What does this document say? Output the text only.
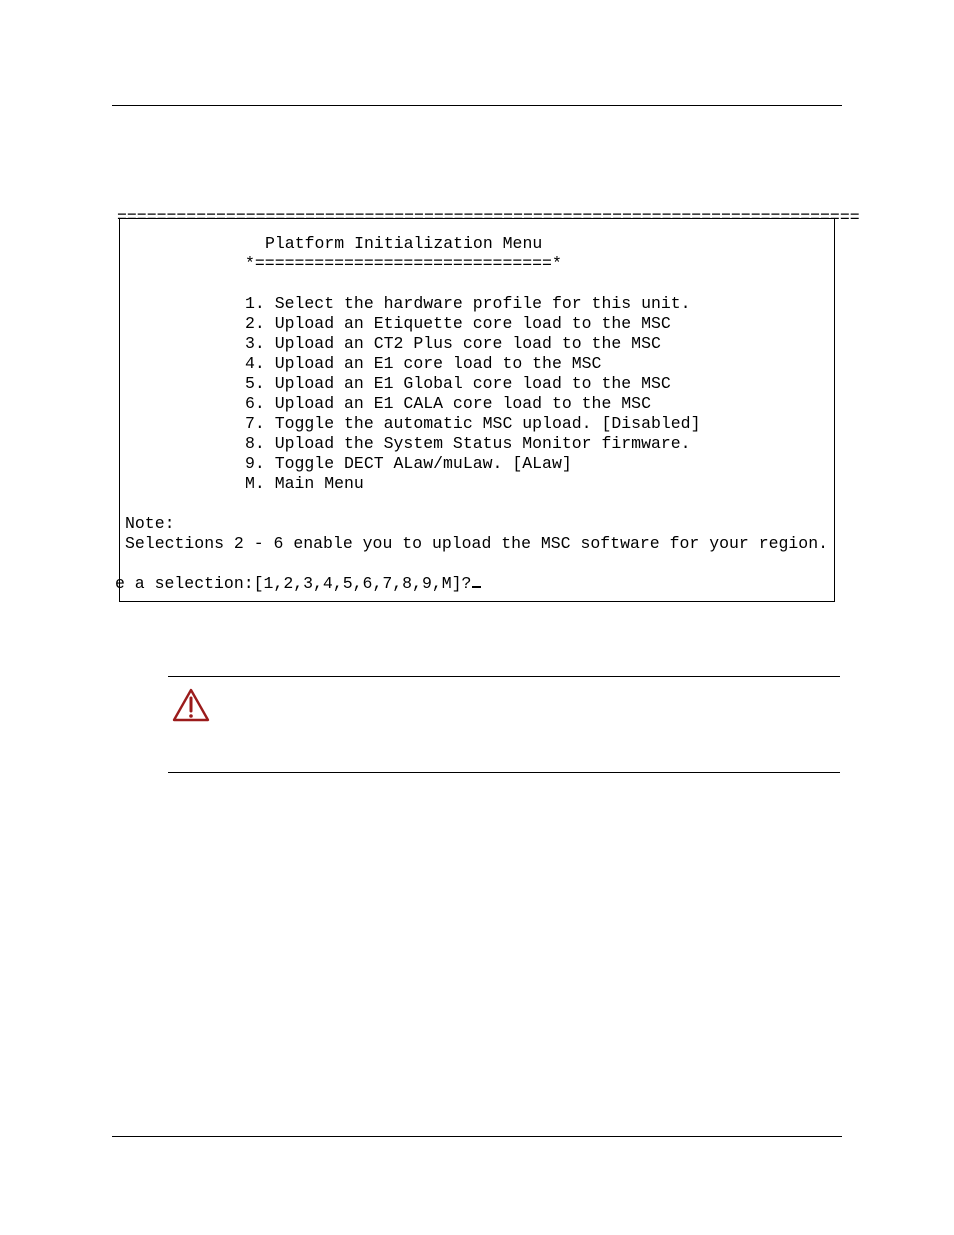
===========================================================================
Platform Initialization Menu
*==============================*
1. Select the hardware profile for this unit.
2. Upload an Etiquette core load to the MSC
3. Upload an CT2 Plus core load to the MSC
4. Upload an E1 core load to the MSC
5. Upload an E1 Global core load to the MSC
6. Upload an E1 CALA core load to the MSC
7. Toggle the automatic MSC upload. [Disabled]
8. Upload the System Status Monitor firmware.
9. Toggle DECT ALaw/muLaw. [ALaw]
M. Main Menu
Note:
Selections 2 - 6 enable you to upload the MSC software for your region.
e a selection:[1,2,3,4,5,6,7,8,9,M]?
